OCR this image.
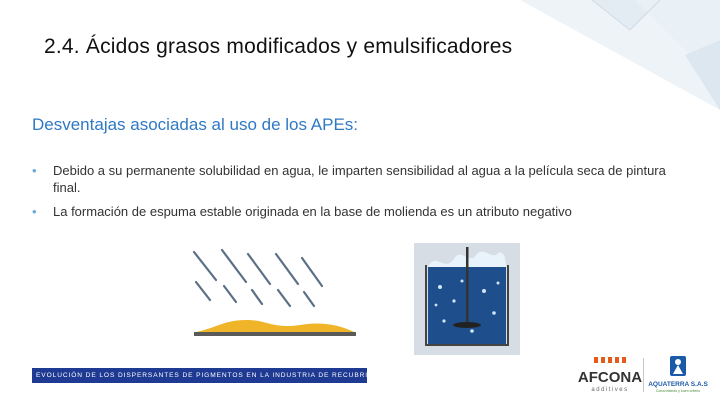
2.4. Ácidos grasos modificados y emulsificadores
Desventajas asociadas al uso de los APEs:
• Debido a su permanente solubilidad en agua, le imparten sensibilidad al agua a la película seca de pintura final.
• La formación de espuma estable originada en la base de molienda es un atributo negativo
EVOLUCIÓN DE LOS DISPERSANTES DE PIGMENTOS EN LA INDUSTRIA DE RECUBRIMIENTOS	AFCONA
additives
AQUATERRA S.A.S
Conocimiento y buen criterio
